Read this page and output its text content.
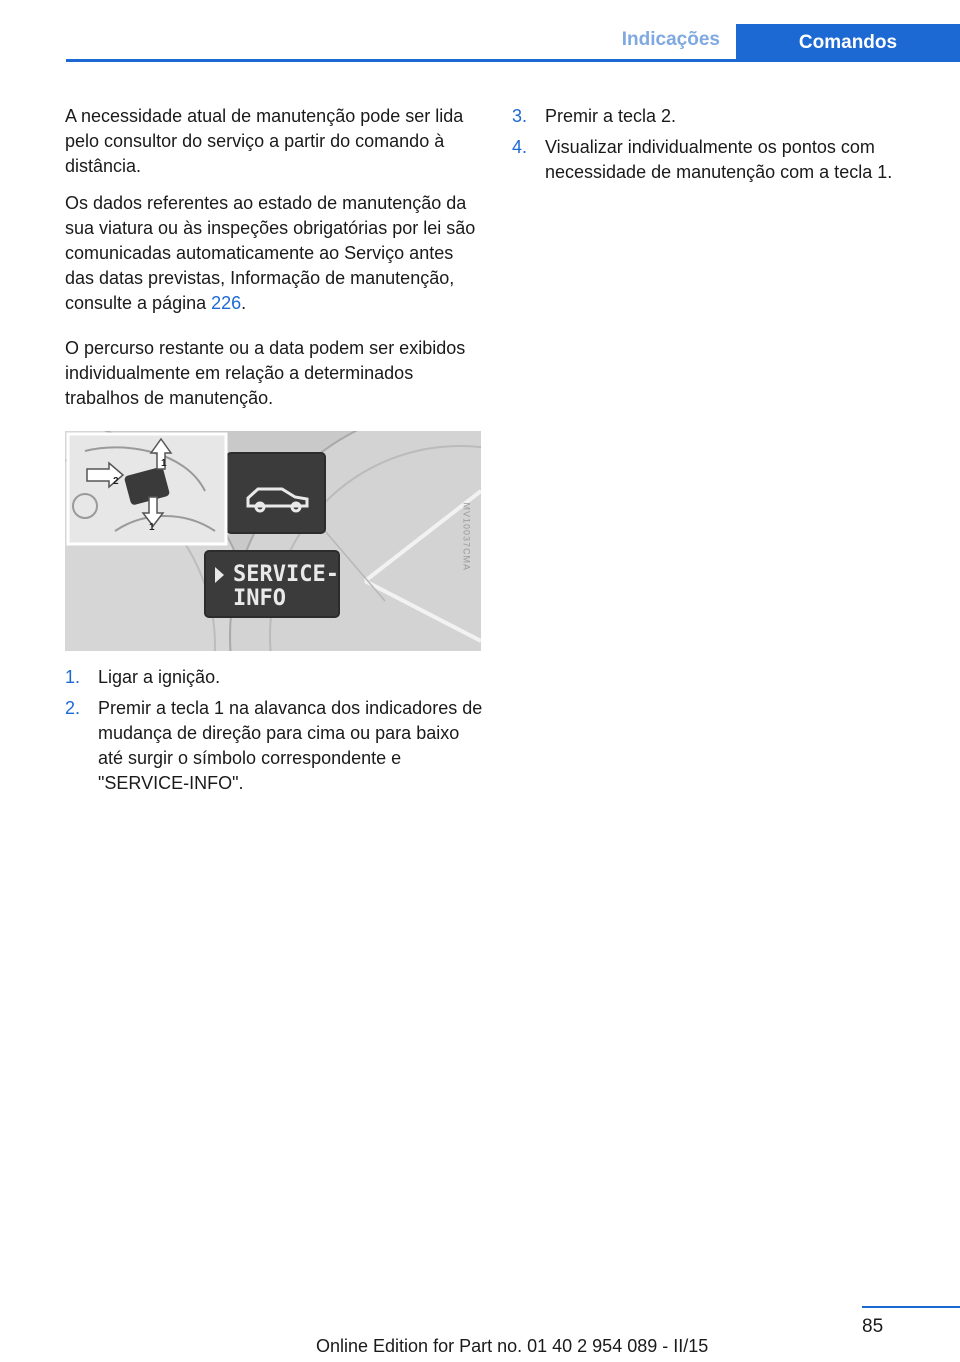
Indicações	Comandos

A necessidade atual de manutenção pode ser lida pelo consultor do serviço a partir do comando à distância.

Os dados referentes ao estado de manutenção da sua viatura ou às inspeções obrigatórias por lei são comunicadas automaticamente ao Serviço antes das datas previstas, Informação de manutenção, consulte a página 226.

O percurso restante ou a data podem ser exibidos individualmente em relação a determinados trabalhos de manutenção.

1
2
1
SERVICE-
INFO
MV10037CMA
1. Ligar a ignição.
2. Premir a tecla 1 na alavanca dos indicadores de mudança de direção para cima ou para baixo até surgir o símbolo correspondente e "SERVICE-INFO".
3. Premir a tecla 2.
4. Visualizar individualmente os pontos com necessidade de manutenção com a tecla 1.
85
Online Edition for Part no. 01 40 2 954 089 - II/15
